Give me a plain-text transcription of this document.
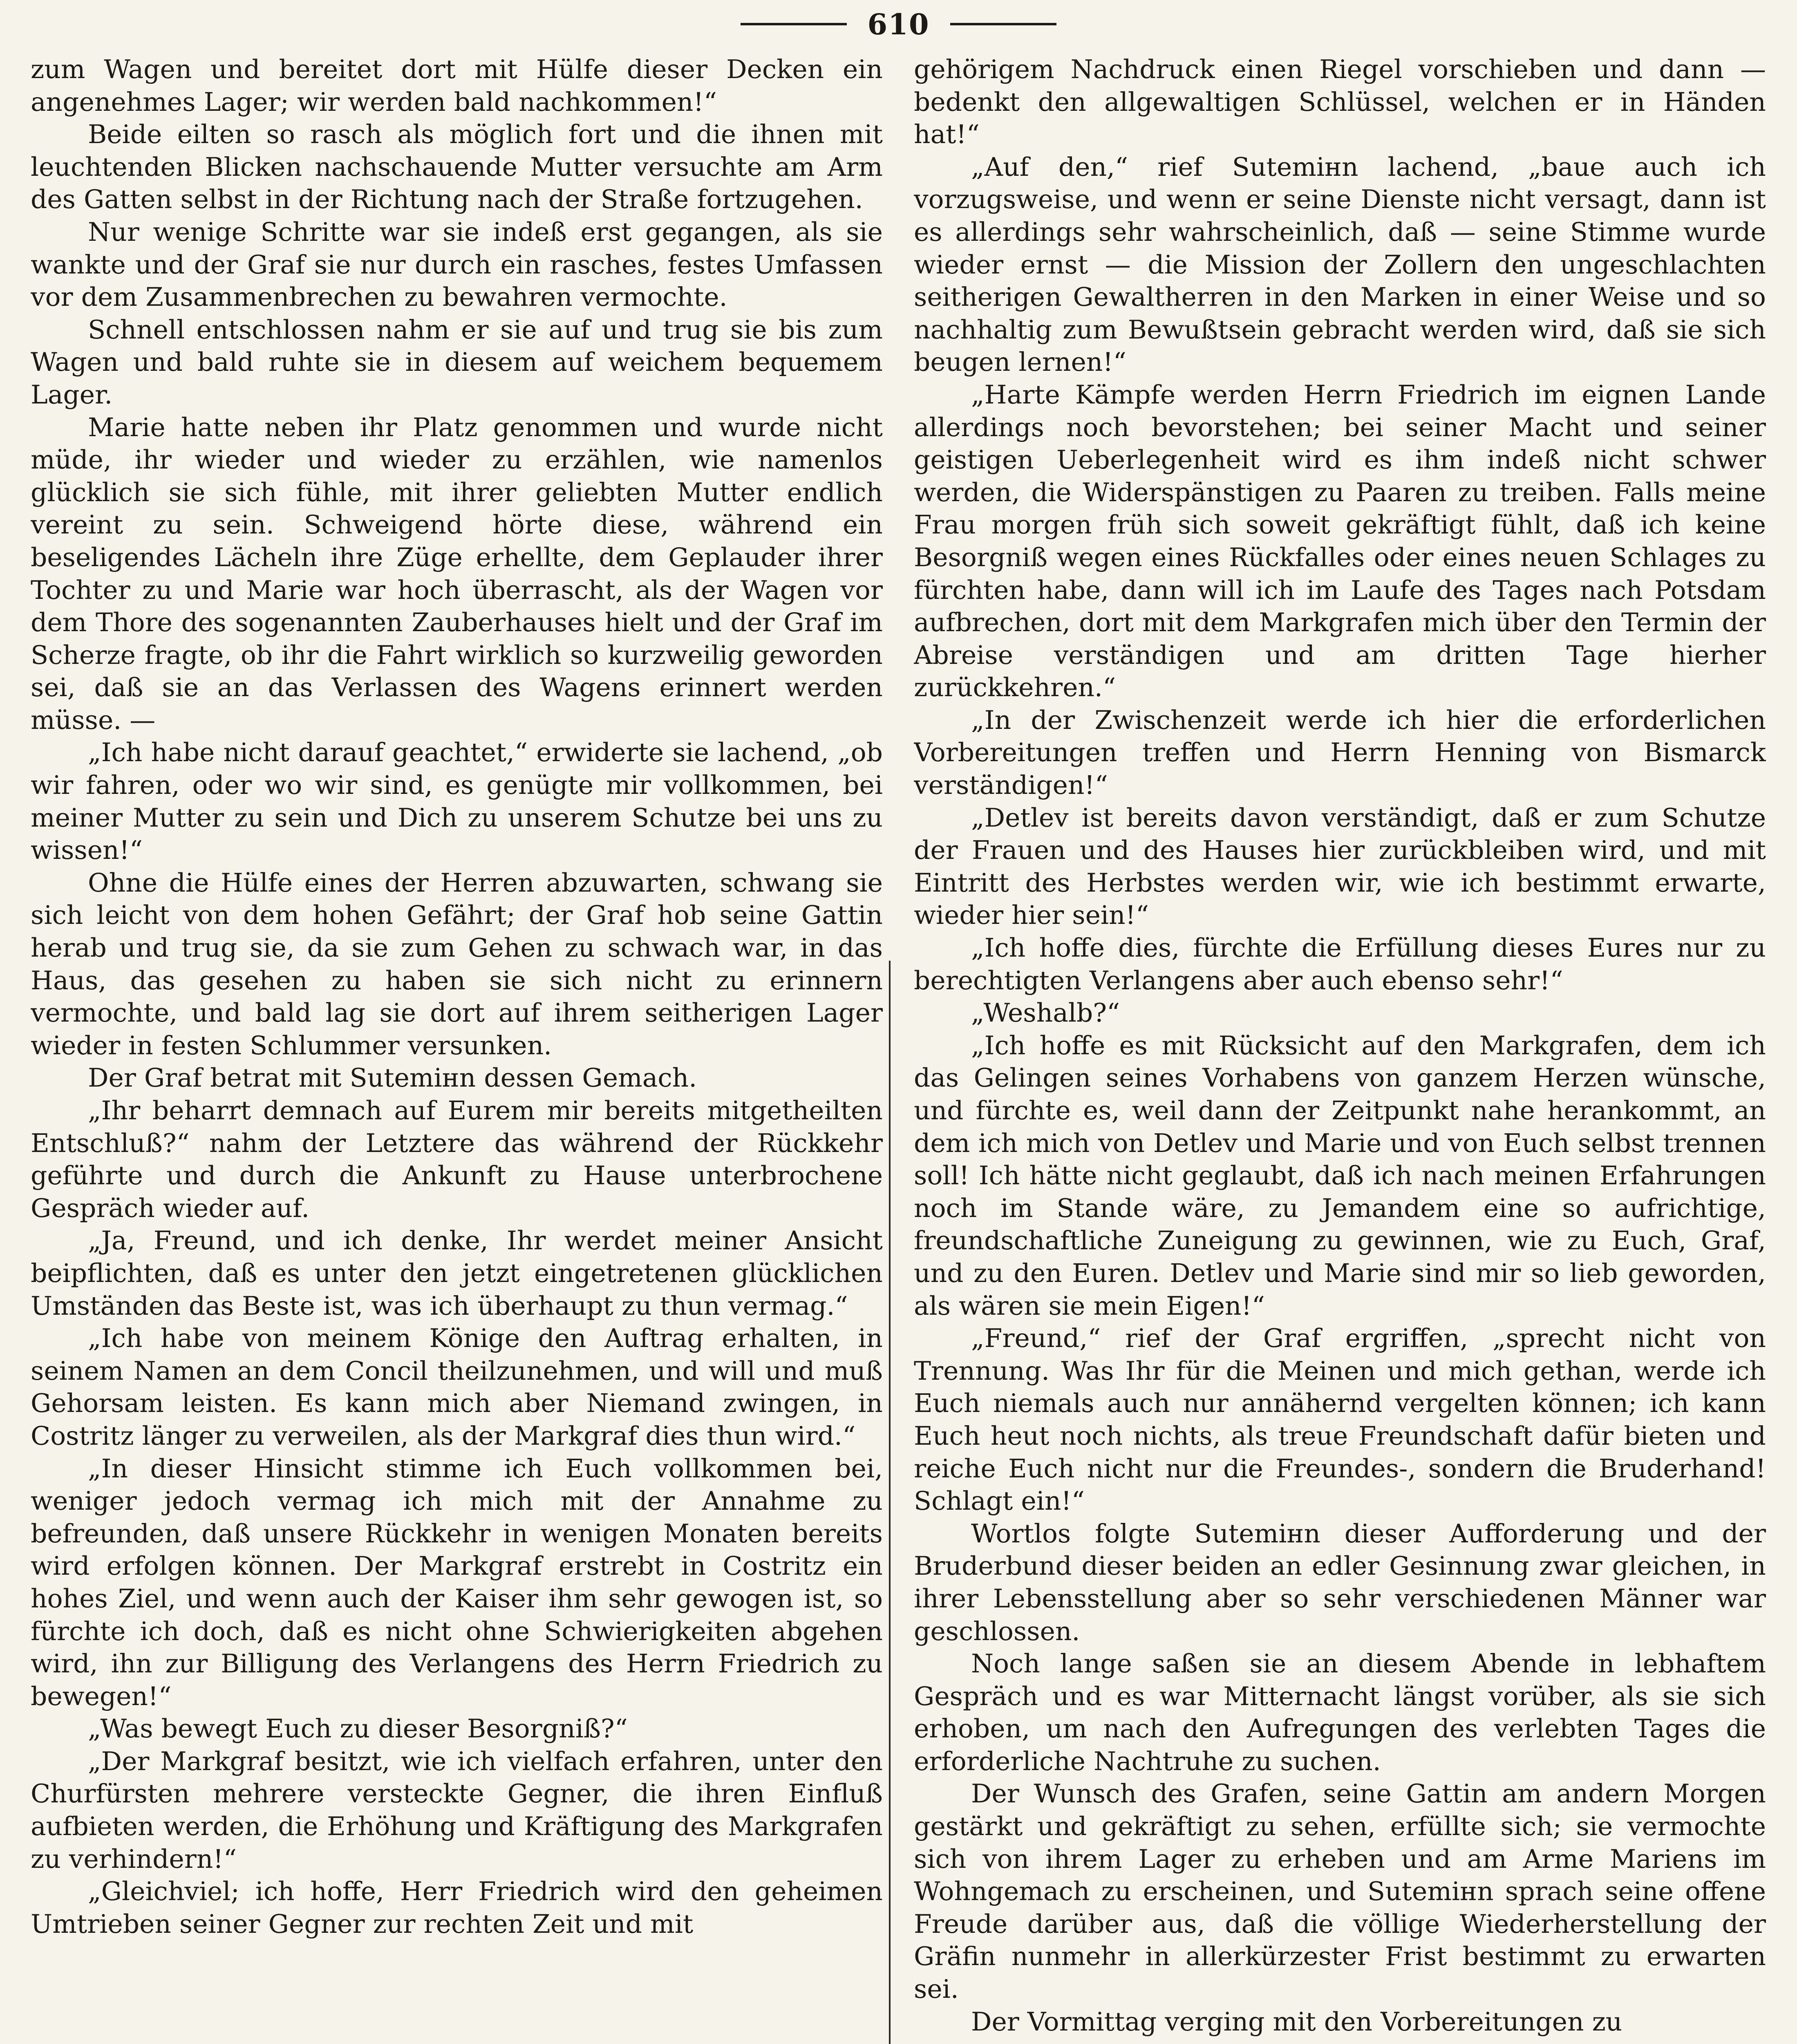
610

zum Wagen und bereitet dort mit Hülfe dieser Decken ein angenehmes Lager; wir werden bald nachkommen!“

Beide eilten so rasch als möglich fort und die ihnen mit leuchtenden Blicken nachschauende Mutter versuchte am Arm des Gatten selbst in der Richtung nach der Straße fortzugehen.

Nur wenige Schritte war sie indeß erst gegangen, als sie wankte und der Graf sie nur durch ein rasches, festes Umfassen vor dem Zusammenbrechen zu bewahren vermochte.

Schnell entschlossen nahm er sie auf und trug sie bis zum Wagen und bald ruhte sie in diesem auf weichem bequemem Lager.

Marie hatte neben ihr Platz genommen und wurde nicht müde, ihr wieder und wieder zu erzählen, wie namenlos glücklich sie sich fühle, mit ihrer geliebten Mutter endlich vereint zu sein. Schweigend hörte diese, während ein beseligendes Lächeln ihre Züge erhellte, dem Geplauder ihrer Tochter zu und Marie war hoch überrascht, als der Wagen vor dem Thore des sogenannten Zauberhauses hielt und der Graf im Scherze fragte, ob ihr die Fahrt wirklich so kurzweilig geworden sei, daß sie an das Verlassen des Wagens erinnert werden müsse. —

„Ich habe nicht darauf geachtet,“ erwiderte sie lachend, „ob wir fahren, oder wo wir sind, es genügte mir vollkommen, bei meiner Mutter zu sein und Dich zu unserem Schutze bei uns zu wissen!“

Ohne die Hülfe eines der Herren abzuwarten, schwang sie sich leicht von dem hohen Gefährt; der Graf hob seine Gattin herab und trug sie, da sie zum Gehen zu schwach war, in das Haus, das gesehen zu haben sie sich nicht zu erinnern vermochte, und bald lag sie dort auf ihrem seitherigen Lager wieder in festen Schlummer versunken.

Der Graf betrat mit Sutemінn dessen Gemach.

„Ihr beharrt demnach auf Eurem mir bereits mitgetheilten Entschluß?“ nahm der Letztere das während der Rückkehr geführte und durch die Ankunft zu Hause unterbrochene Gespräch wieder auf.

„Ja, Freund, und ich denke, Ihr werdet meiner Ansicht beipflichten, daß es unter den jetzt eingetretenen glücklichen Umständen das Beste ist, was ich überhaupt zu thun vermag.“

„Ich habe von meinem Könige den Auftrag erhalten, in seinem Namen an dem Concil theilzunehmen, und will und muß Gehorsam leisten. Es kann mich aber Niemand zwingen, in Costritz länger zu verweilen, als der Markgraf dies thun wird.“

„In dieser Hinsicht stimme ich Euch vollkommen bei, weniger jedoch vermag ich mich mit der Annahme zu befreunden, daß unsere Rückkehr in wenigen Monaten bereits wird erfolgen können. Der Markgraf erstrebt in Costritz ein hohes Ziel, und wenn auch der Kaiser ihm sehr gewogen ist, so fürchte ich doch, daß es nicht ohne Schwierigkeiten abgehen wird, ihn zur Billigung des Verlangens des Herrn Friedrich zu bewegen!“

„Was bewegt Euch zu dieser Besorgniß?“

„Der Markgraf besitzt, wie ich vielfach erfahren, unter den Churfürsten mehrere versteckte Gegner, die ihren Einfluß aufbieten werden, die Erhöhung und Kräftigung des Markgrafen zu verhindern!“

„Gleichviel; ich hoffe, Herr Friedrich wird den geheimen Umtrieben seiner Gegner zur rechten Zeit und mit

gehörigem Nachdruck einen Riegel vorschieben und dann — bedenkt den allgewaltigen Schlüssel, welchen er in Händen hat!“

„Auf den,“ rief Sutemінn lachend, „baue auch ich vorzugsweise, und wenn er seine Dienste nicht versagt, dann ist es allerdings sehr wahrscheinlich, daß — seine Stimme wurde wieder ernst — die Mission der Zollern den ungeschlachten seitherigen Gewaltherren in den Marken in einer Weise und so nachhaltig zum Bewußtsein gebracht werden wird, daß sie sich beugen lernen!“

„Harte Kämpfe werden Herrn Friedrich im eignen Lande allerdings noch bevorstehen; bei seiner Macht und seiner geistigen Ueberlegenheit wird es ihm indeß nicht schwer werden, die Widerspänstigen zu Paaren zu treiben. Falls meine Frau morgen früh sich soweit gekräftigt fühlt, daß ich keine Besorgniß wegen eines Rückfalles oder eines neuen Schlages zu fürchten habe, dann will ich im Laufe des Tages nach Potsdam aufbrechen, dort mit dem Markgrafen mich über den Termin der Abreise verständigen und am dritten Tage hierher zurückkehren.“

„In der Zwischenzeit werde ich hier die erforderlichen Vorbereitungen treffen und Herrn Henning von Bismarck verständigen!“

„Detlev ist bereits davon verständigt, daß er zum Schutze der Frauen und des Hauses hier zurückbleiben wird, und mit Eintritt des Herbstes werden wir, wie ich bestimmt erwarte, wieder hier sein!“

„Ich hoffe dies, fürchte die Erfüllung dieses Eures nur zu berechtigten Verlangens aber auch ebenso sehr!“

„Weshalb?“

„Ich hoffe es mit Rücksicht auf den Markgrafen, dem ich das Gelingen seines Vorhabens von ganzem Herzen wünsche, und fürchte es, weil dann der Zeitpunkt nahe herankommt, an dem ich mich von Detlev und Marie und von Euch selbst trennen soll! Ich hätte nicht geglaubt, daß ich nach meinen Erfahrungen noch im Stande wäre, zu Jemandem eine so aufrichtige, freundschaftliche Zuneigung zu gewinnen, wie zu Euch, Graf, und zu den Euren. Detlev und Marie sind mir so lieb geworden, als wären sie mein Eigen!“

„Freund,“ rief der Graf ergriffen, „sprecht nicht von Trennung. Was Ihr für die Meinen und mich gethan, werde ich Euch niemals auch nur annähernd vergelten können; ich kann Euch heut noch nichts, als treue Freundschaft dafür bieten und reiche Euch nicht nur die Freundes-, sondern die Bruderhand! Schlagt ein!“

Wortlos folgte Sutemінn dieser Aufforderung und der Bruderbund dieser beiden an edler Gesinnung zwar gleichen, in ihrer Lebensstellung aber so sehr verschiedenen Männer war geschlossen.

Noch lange saßen sie an diesem Abende in lebhaftem Gespräch und es war Mitternacht längst vorüber, als sie sich erhoben, um nach den Aufregungen des verlebten Tages die erforderliche Nachtruhe zu suchen.

Der Wunsch des Grafen, seine Gattin am andern Morgen gestärkt und gekräftigt zu sehen, erfüllte sich; sie vermochte sich von ihrem Lager zu erheben und am Arme Mariens im Wohngemach zu erscheinen, und Sutemінn sprach seine offene Freude darüber aus, daß die völlige Wiederherstellung der Gräfin nunmehr in allerkürzester Frist bestimmt zu erwarten sei.

Der Vormittag verging mit den Vorbereitungen zu
